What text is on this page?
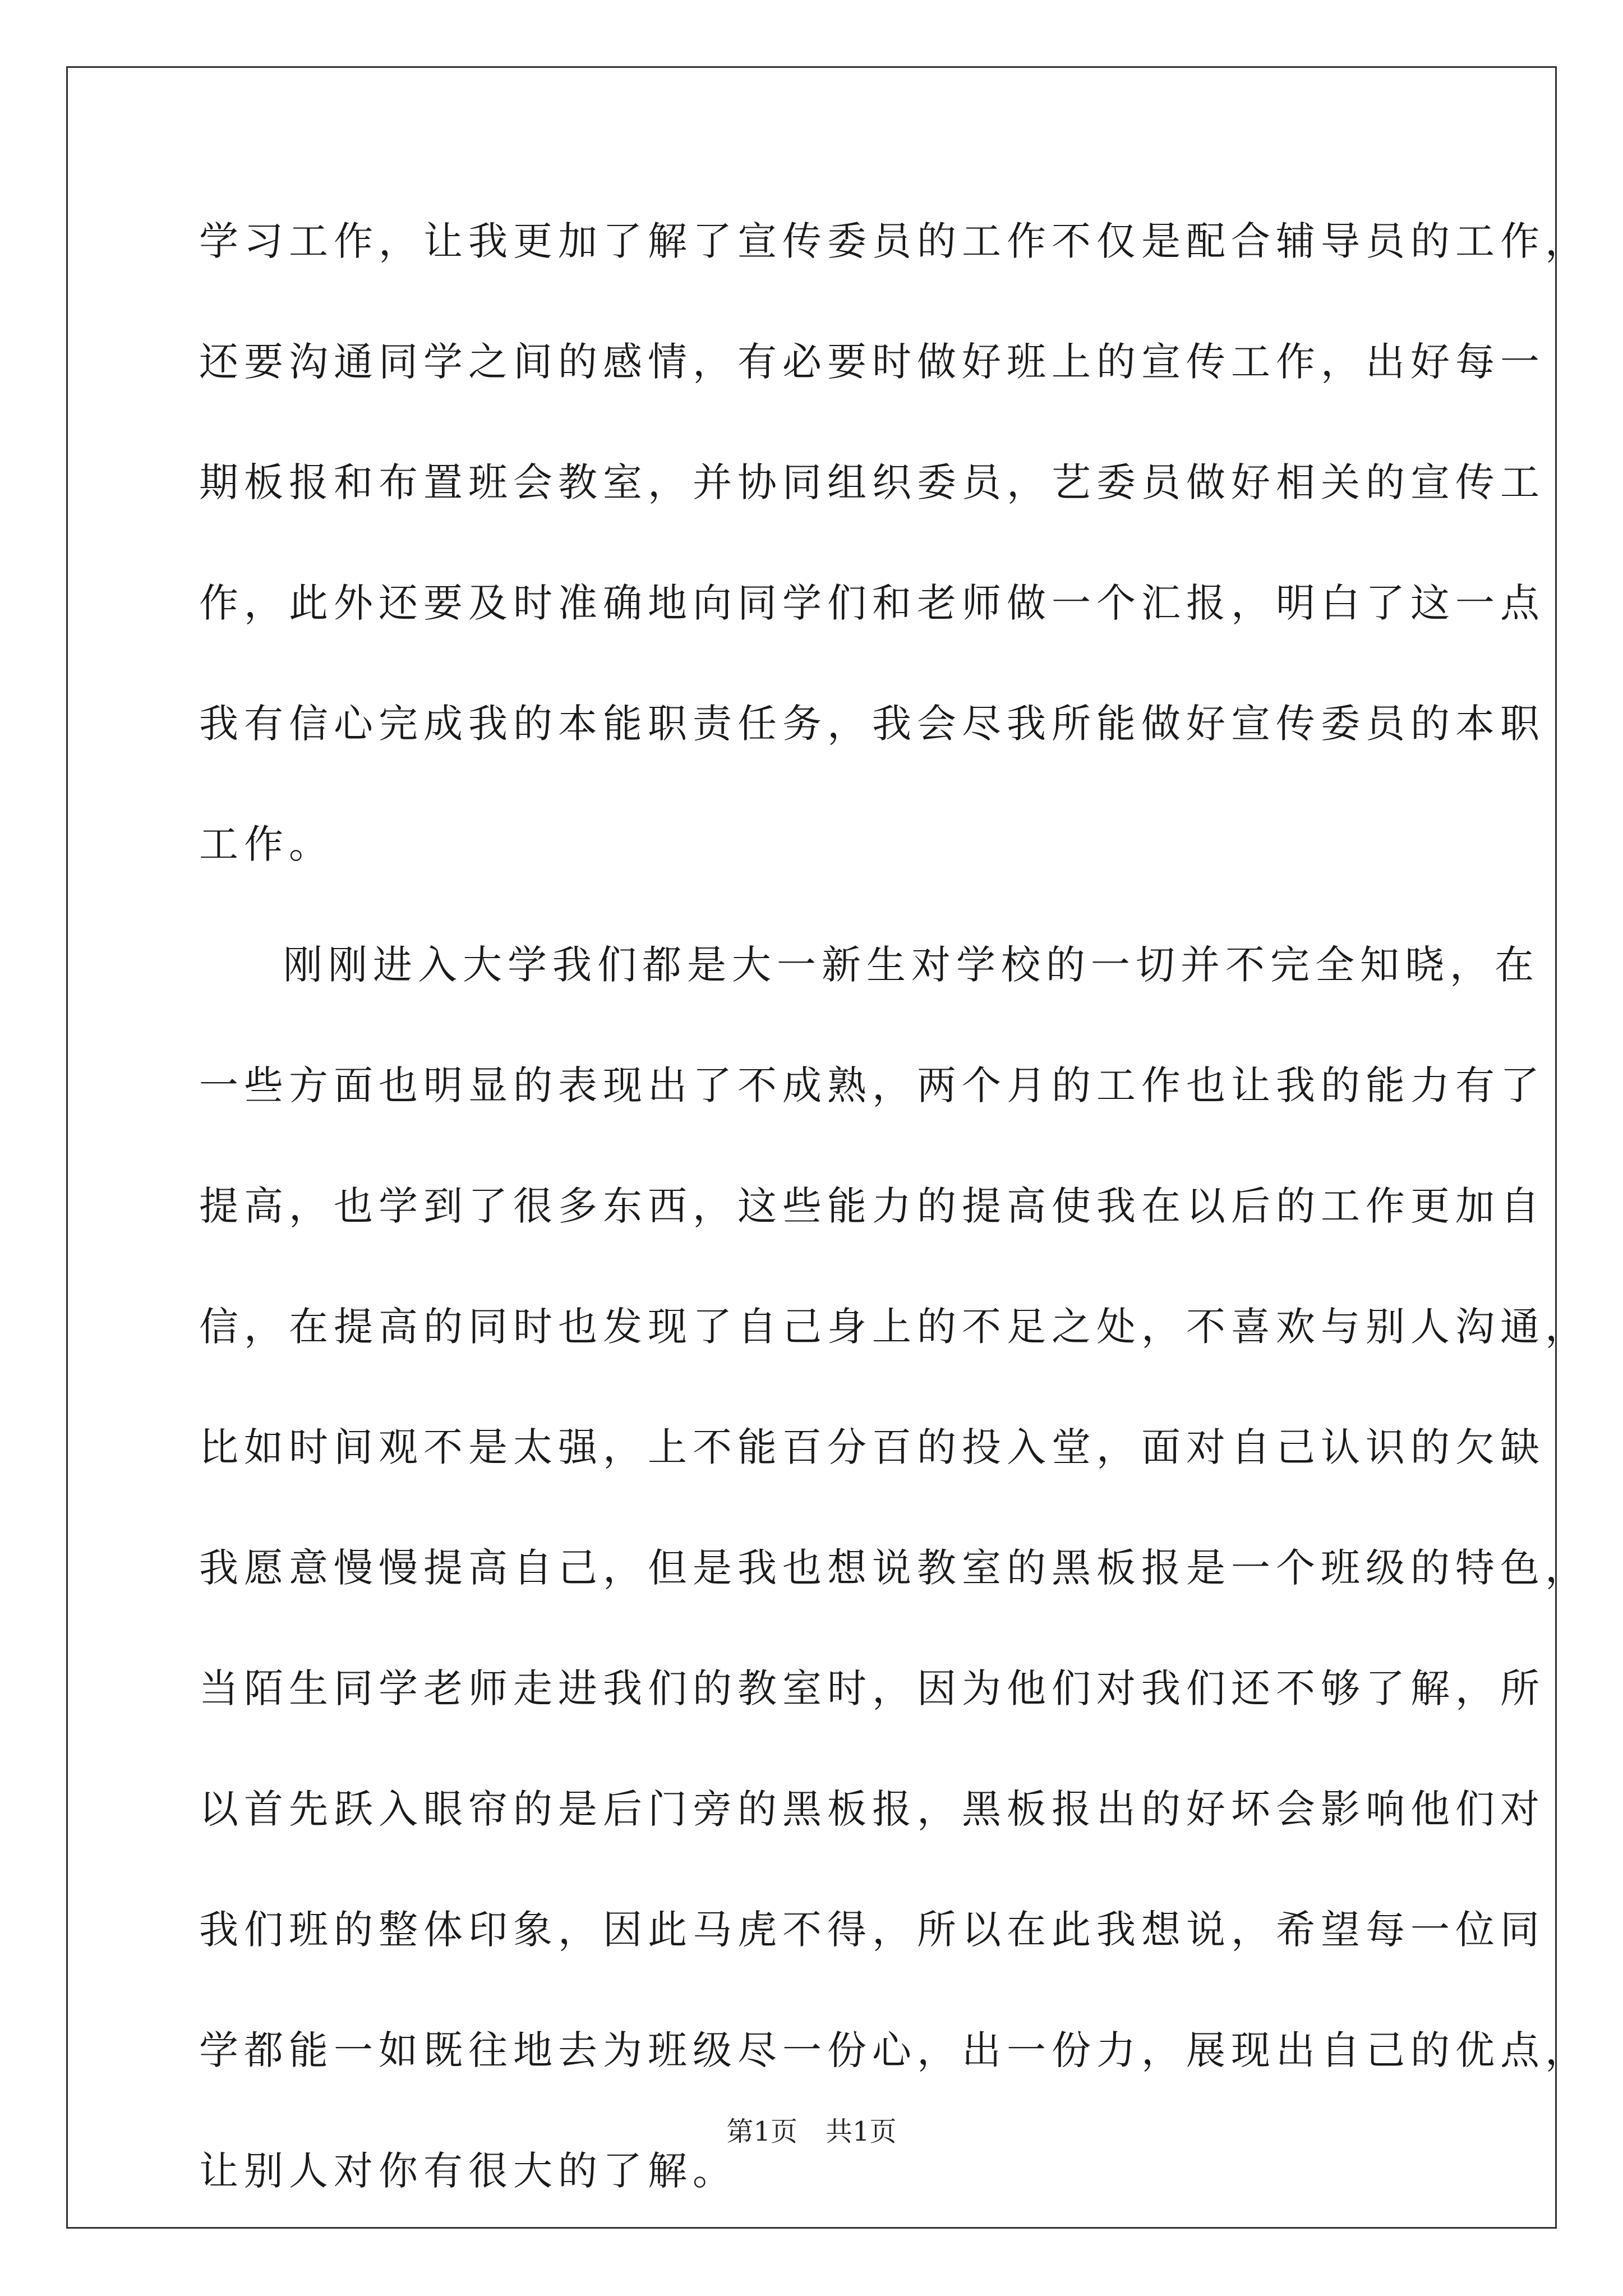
学习工作，让我更加了解了宣传委员的工作不仅是配合辅导员的工作，
还要沟通同学之间的感情，有必要时做好班上的宣传工作，出好每一
期板报和布置班会教室，并协同组织委员，艺委员做好相关的宣传工
作，此外还要及时准确地向同学们和老师做一个汇报，明白了这一点
我有信心完成我的本能职责任务，我会尽我所能做好宣传委员的本职
工作。
刚刚进入大学我们都是大一新生对学校的一切并不完全知晓，在
一些方面也明显的表现出了不成熟，两个月的工作也让我的能力有了
提高，也学到了很多东西，这些能力的提高使我在以后的工作更加自
信，在提高的同时也发现了自己身上的不足之处，不喜欢与别人沟通，
比如时间观不是太强，上不能百分百的投入堂，面对自己认识的欠缺
我愿意慢慢提高自己，但是我也想说教室的黑板报是一个班级的特色，
当陌生同学老师走进我们的教室时，因为他们对我们还不够了解，所
以首先跃入眼帘的是后门旁的黑板报，黑板报出的好坏会影响他们对
我们班的整体印象，因此马虎不得，所以在此我想说，希望每一位同
学都能一如既往地去为班级尽一份心，出一份力，展现出自己的优点，
让别人对你有很大的了解。
第1页 共1页
